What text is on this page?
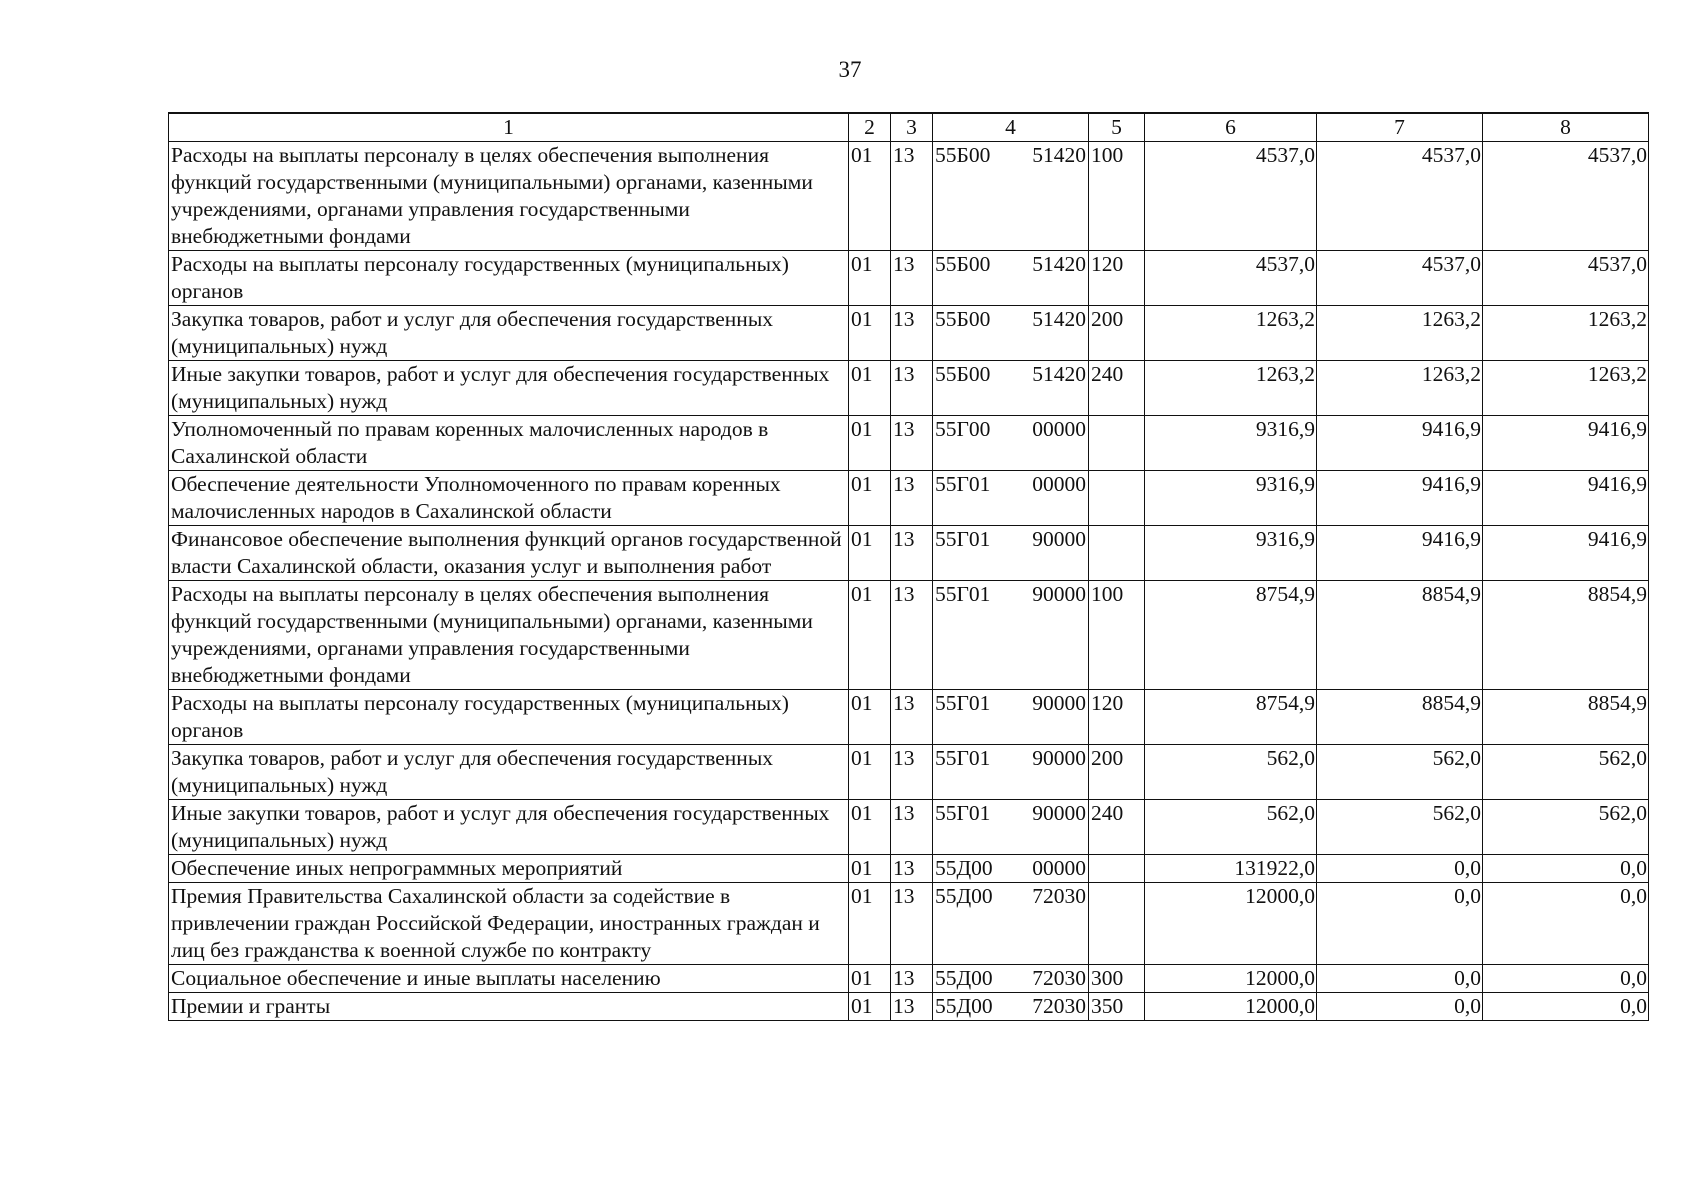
37
1	2	3	4	5	6	7	8
Расходы на выплаты персоналу в целях обеспечения выполнения функций государственными (муниципальными) органами, казенными учреждениями, органами управления государственными внебюджетными фондами	01	13	55Б00 51420	100	4537,0	4537,0	4537,0
Расходы на выплаты персоналу государственных (муниципальных) органов	01	13	55Б00 51420	120	4537,0	4537,0	4537,0
Закупка товаров, работ и услуг для обеспечения государственных (муниципальных) нужд	01	13	55Б00 51420	200	1263,2	1263,2	1263,2
Иные закупки товаров, работ и услуг для обеспечения государственных (муниципальных) нужд	01	13	55Б00 51420	240	1263,2	1263,2	1263,2
Уполномоченный по правам коренных малочисленных народов в Сахалинской области	01	13	55Г00 00000		9316,9	9416,9	9416,9
Обеспечение деятельности Уполномоченного по правам коренных малочисленных народов в Сахалинской области	01	13	55Г01 00000		9316,9	9416,9	9416,9
Финансовое обеспечение выполнения функций органов государственной власти Сахалинской области, оказания услуг и выполнения работ	01	13	55Г01 90000		9316,9	9416,9	9416,9
Расходы на выплаты персоналу в целях обеспечения выполнения функций государственными (муниципальными) органами, казенными учреждениями, органами управления государственными внебюджетными фондами	01	13	55Г01 90000	100	8754,9	8854,9	8854,9
Расходы на выплаты персоналу государственных (муниципальных) органов	01	13	55Г01 90000	120	8754,9	8854,9	8854,9
Закупка товаров, работ и услуг для обеспечения государственных (муниципальных) нужд	01	13	55Г01 90000	200	562,0	562,0	562,0
Иные закупки товаров, работ и услуг для обеспечения государственных (муниципальных) нужд	01	13	55Г01 90000	240	562,0	562,0	562,0
Обеспечение иных непрограммных мероприятий	01	13	55Д00 00000		131922,0	0,0	0,0
Премия Правительства Сахалинской области за содействие в привлечении граждан Российской Федерации, иностранных граждан и лиц без гражданства к военной службе по контракту	01	13	55Д00 72030		12000,0	0,0	0,0
Социальное обеспечение и иные выплаты населению	01	13	55Д00 72030	300	12000,0	0,0	0,0
Премии и гранты	01	13	55Д00 72030	350	12000,0	0,0	0,0
